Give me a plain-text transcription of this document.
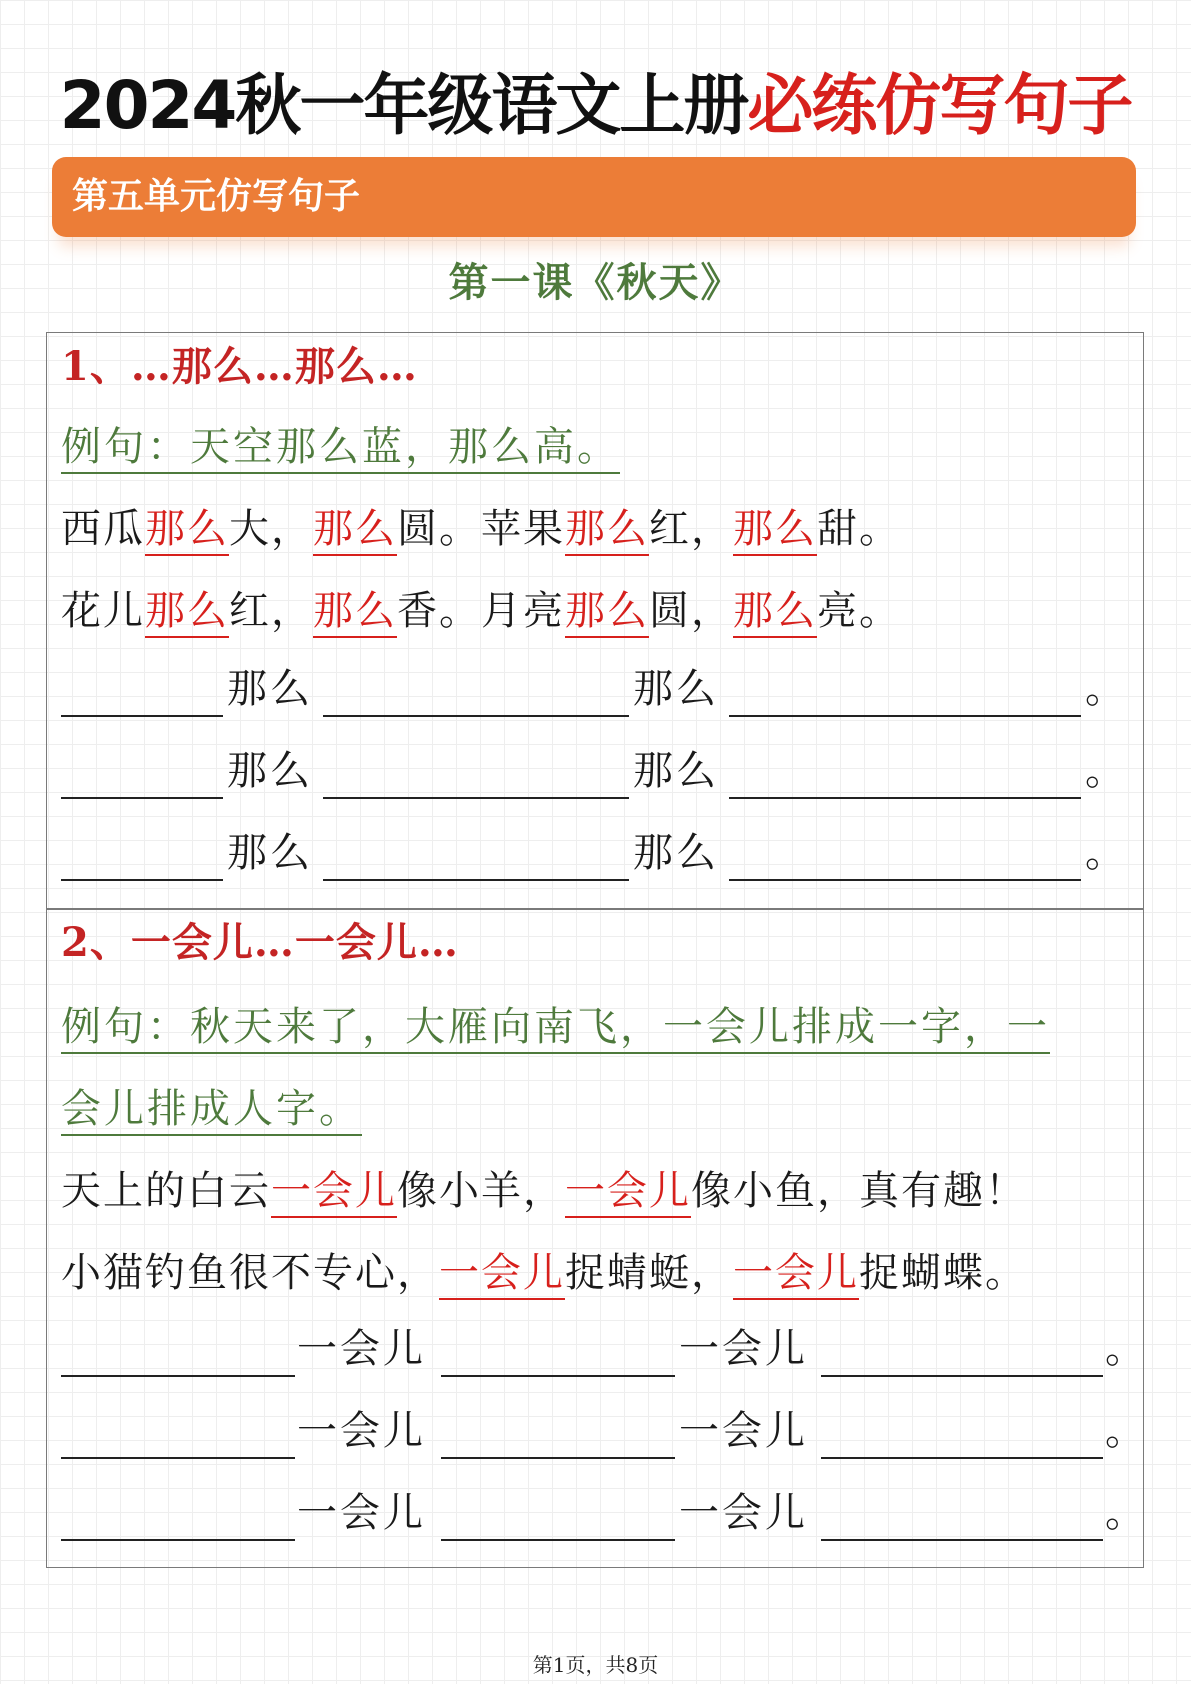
2024秋一年级语文上册必练仿写句子
第五单元仿写句子
第一课《秋天》
1、…那么…那么…
例句：天空那么蓝，那么高。
西瓜那么大，那么圆。苹果那么红，那么甜。
花儿那么红，那么香。月亮那么圆，那么亮。
那么	那么	。
那么	那么	。
那么	那么	。
2、一会儿…一会儿…
例句：秋天来了，大雁向南飞，一会儿排成一字，一
会儿排成人字。
天上的白云一会儿像小羊，一会儿像小鱼，真有趣！
小猫钓鱼很不专心，一会儿捉蜻蜓，一会儿捉蝴蝶。
一会儿	一会儿	。
一会儿	一会儿	。
一会儿	一会儿	。
第1页，共8页
